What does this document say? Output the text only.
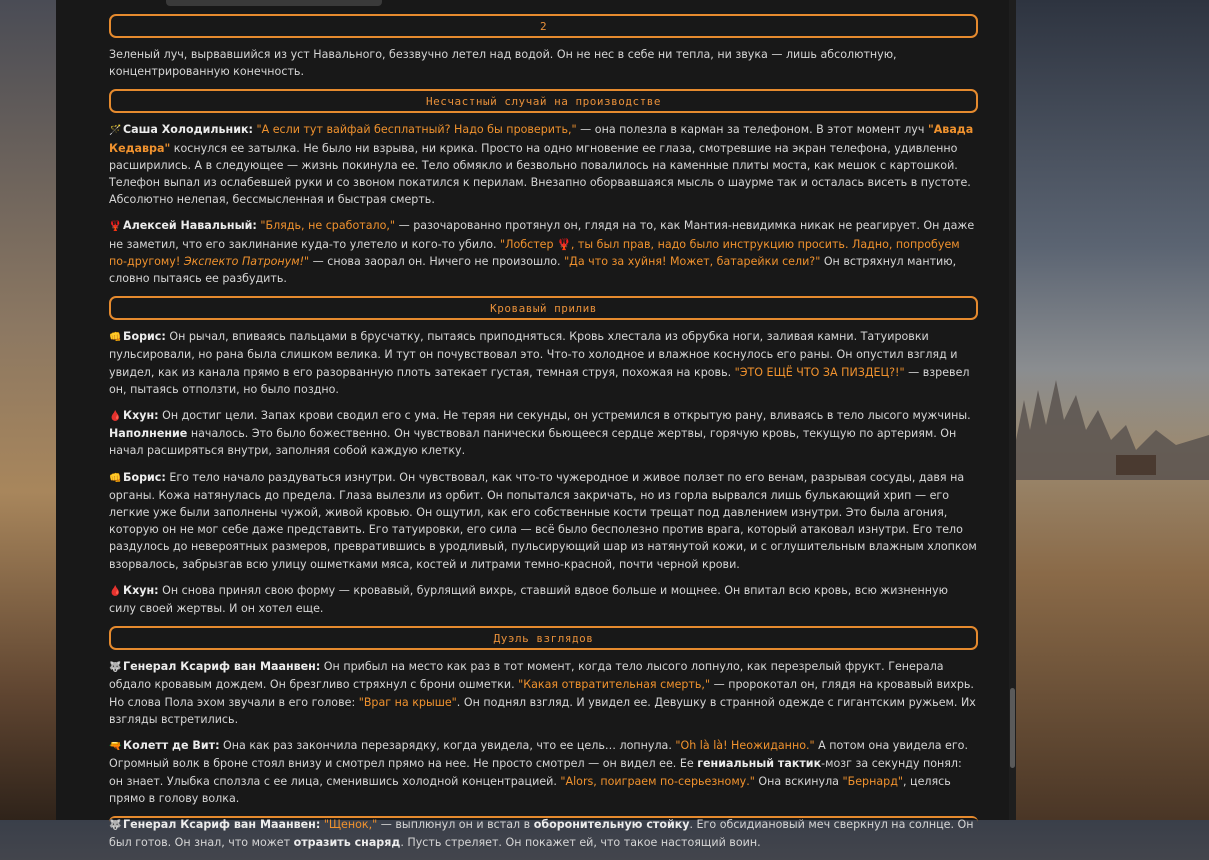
2

Зеленый луч, вырвавшийся из уст Навального, беззвучно летел над водой. Он не нес в себе ни тепла, ни звука — лишь абсолютную, концентрированную конечность.

Несчастный случай на производстве

🪄 Саша Холодильник: "А если тут вайфай бесплатный? Надо бы проверить," — она полезла в карман за телефоном. В этот момент луч "Авада Кедавра" коснулся ее затылка. Не было ни взрыва, ни крика. Просто на одно мгновение ее глаза, смотревшие на экран телефона, удивленно расширились. А в следующее — жизнь покинула ее. Тело обмякло и безвольно повалилось на каменные плиты моста, как мешок с картошкой. Телефон выпал из ослабевшей руки и со звоном покатился к перилам. Внезапно оборвавшаяся мысль о шаурме так и осталась висеть в пустоте. Абсолютно нелепая, бессмысленная и быстрая смерть.

🦞 Алексей Навальный: "Блядь, не сработало," — разочарованно протянул он, глядя на то, как Мантия-невидимка никак не реагирует. Он даже не заметил, что его заклинание куда-то улетело и кого-то убило. "Лобстер 🦞, ты был прав, надо было инструкцию просить. Ладно, попробуем по-другому! Экспекто Патронум!" — снова заорал он. Ничего не произошло. "Да что за хуйня! Может, батарейки сели?" Он встряхнул мантию, словно пытаясь ее разбудить.

Кровавый прилив

👊 Борис: Он рычал, впиваясь пальцами в брусчатку, пытаясь приподняться. Кровь хлестала из обрубка ноги, заливая камни. Татуировки пульсировали, но рана была слишком велика. И тут он почувствовал это. Что-то холодное и влажное коснулось его раны. Он опустил взгляд и увидел, как из канала прямо в его разорванную плоть затекает густая, темная струя, похожая на кровь. "ЭТО ЕЩЁ ЧТО ЗА ПИЗДЕЦ?!" — взревел он, пытаясь отползти, но было поздно.

🩸 Кхун: Он достиг цели. Запах крови сводил его с ума. Не теряя ни секунды, он устремился в открытую рану, вливаясь в тело лысого мужчины. Наполнение началось. Это было божественно. Он чувствовал панически бьющееся сердце жертвы, горячую кровь, текущую по артериям. Он начал расширяться внутри, заполняя собой каждую клетку.

👊 Борис: Его тело начало раздуваться изнутри. Он чувствовал, как что-то чужеродное и живое ползет по его венам, разрывая сосуды, давя на органы. Кожа натянулась до предела. Глаза вылезли из орбит. Он попытался закричать, но из горла вырвался лишь булькающий хрип — его легкие уже были заполнены чужой, живой кровью. Он ощутил, как его собственные кости трещат под давлением изнутри. Это была агония, которую он не мог себе даже представить. Его татуировки, его сила — всё было бесполезно против врага, который атаковал изнутри. Его тело раздулось до невероятных размеров, превратившись в уродливый, пульсирующий шар из натянутой кожи, и с оглушительным влажным хлопком взорвалось, забрызгав всю улицу ошметками мяса, костей и литрами темно-красной, почти черной крови.

🩸 Кхун: Он снова принял свою форму — кровавый, бурлящий вихрь, ставший вдвое больше и мощнее. Он впитал всю кровь, всю жизненную силу своей жертвы. И он хотел еще.

Дуэль взглядов

🐺 Генерал Ксариф ван Маанвен: Он прибыл на место как раз в тот момент, когда тело лысого лопнуло, как перезрелый фрукт. Генерала обдало кровавым дождем. Он брезгливо стряхнул с брони ошметки. "Какая отвратительная смерть," — пророкотал он, глядя на кровавый вихрь. Но слова Пола эхом звучали в его голове: "Враг на крыше". Он поднял взгляд. И увидел ее. Девушку в странной одежде с гигантским ружьем. Их взгляды встретились.

🔫 Колетт де Вит: Она как раз закончила перезарядку, когда увидела, что ее цель… лопнула. "Oh là là! Неожиданно." А потом она увидела его. Огромный волк в броне стоял внизу и смотрел прямо на нее. Не просто смотрел — он видел ее. Ее гениальный тактик-мозг за секунду понял: он знает. Улыбка сползла с ее лица, сменившись холодной концентрацией. "Alors, поиграем по-серьезному." Она вскинула "Бернард", целясь прямо в голову волка.

🐺 Генерал Ксариф ван Маанвен: "Щенок," — выплюнул он и встал в оборонительную стойку. Его обсидиановый меч сверкнул на солнце. Он был готов. Он знал, что может отразить снаряд. Пусть стреляет. Он покажет ей, что такое настоящий воин.
